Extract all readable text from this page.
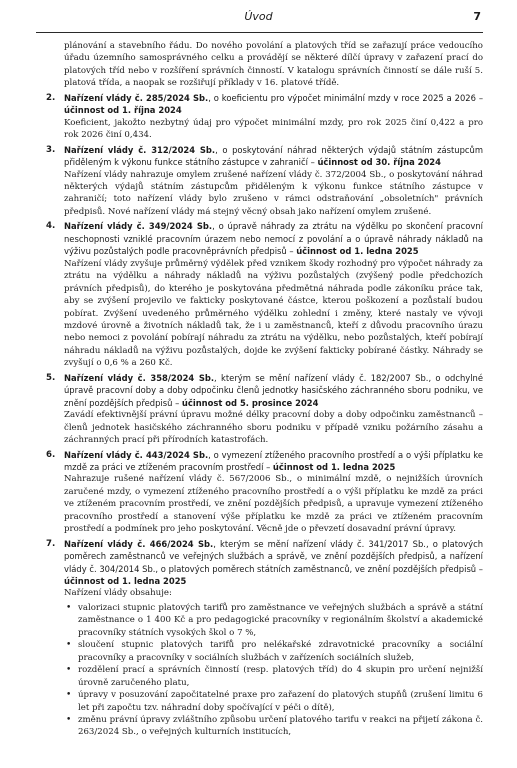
Úvod	7

plánování a stavebního řádu. Do nového povolání a platových tříd se zařazují práce vedoucího úřadu územního samosprávného celku a provádějí se některé dílčí úpravy v zařazení prací do platových tříd nebo v rozšíření správních činností. V katalogu správních činností se dále ruší 5. platová třída, a naopak se rozšiřují příklady v 16. platové třídě.

2. Nařízení vlády č. 285/2024 Sb., o koeficientu pro výpočet minimální mzdy v roce 2025 a 2026 – účinnost od 1. října 2024

Koeficient, jakožto nezbytný údaj pro výpočet minimální mzdy, pro rok 2025 činí 0,422 a pro rok 2026 činí 0,434.

3. Nařízení vlády č. 312/2024 Sb., o poskytování náhrad některých výdajů státním zástupcům přiděleným k výkonu funkce státního zástupce v zahraničí – účinnost od 30. října 2024

Nařízení vlády nahrazuje omylem zrušené nařízení vlády č. 372/2004 Sb., o poskytování náhrad některých výdajů státním zástupcům přiděleným k výkonu funkce státního zástupce v zahraničí; toto nařízení vlády bylo zrušeno v rámci odstraňování „obsoletních" právních předpisů. Nové nařízení vlády má stejný věcný obsah jako nařízení omylem zrušené.

4. Nařízení vlády č. 349/2024 Sb., o úpravě náhrady za ztrátu na výdělku po skončení pracovní neschopnosti vzniklé pracovním úrazem nebo nemocí z povolání a o úpravě náhrady nákladů na výživu pozůstalých podle pracovněprávních předpisů – účinnost od 1. ledna 2025

Nařízení vlády zvyšuje průměrný výdělek před vznikem škody rozhodný pro výpočet náhrady za ztrátu na výdělku a náhrady nákladů na výživu pozůstalých (zvýšený podle předchozích právních předpisů), do kterého je poskytována předmětná náhrada podle zákoníku práce tak, aby se zvýšení projevilo ve fakticky poskytované částce, kterou poškození a pozůstalí budou pobírat. Zvýšení uvedeného průměrného výdělku zohlední i změny, které nastaly ve vývoji mzdové úrovně a životních nákladů tak, že i u zaměstnanců, kteří z důvodu pracovního úrazu nebo nemoci z povolání pobírají náhradu za ztrátu na výdělku, nebo pozůstalých, kteří pobírají náhradu nákladů na výživu pozůstalých, dojde ke zvýšení fakticky pobírané částky. Náhrady se zvyšují o 0,6 % a 260 Kč.

5. Nařízení vlády č. 358/2024 Sb., kterým se mění nařízení vlády č. 182/2007 Sb., o odchylné úpravě pracovní doby a doby odpočinku členů jednotky hasičského záchranného sboru podniku, ve znění pozdějších předpisů – účinnost od 5. prosince 2024

Zavádí efektivnější právní úpravu možné délky pracovní doby a doby odpočinku zaměstnanců – členů jednotek hasičského záchranného sboru podniku v případě vzniku požárního zásahu a záchranných prací při přírodních katastrofách.

6. Nařízení vlády č. 443/2024 Sb., o vymezení ztíženého pracovního prostředí a o výši příplatku ke mzdě za práci ve ztíženém pracovním prostředí – účinnost od 1. ledna 2025

Nahrazuje rušené nařízení vlády č. 567/2006 Sb., o minimální mzdě, o nejnižších úrovních zaručené mzdy, o vymezení ztíženého pracovního prostředí a o výši příplatku ke mzdě za práci ve ztíženém pracovním prostředí, ve znění pozdějších předpisů, a upravuje vymezení ztíženého pracovního prostředí a stanovení výše příplatku ke mzdě za práci ve ztíženém pracovním prostředí a podmínek pro jeho poskytování. Věcně jde o převzetí dosavadní právní úpravy.

7. Nařízení vlády č. 466/2024 Sb., kterým se mění nařízení vlády č. 341/2017 Sb., o platových poměrech zaměstnanců ve veřejných službách a správě, ve znění pozdějších předpisů, a nařízení vlády č. 304/2014 Sb., o platových poměrech státních zaměstnanců, ve znění pozdějších předpisů – účinnost od 1. ledna 2025

Nařízení vlády obsahuje:

• valorizaci stupnic platových tarifů pro zaměstnance ve veřejných službách a správě a státní zaměstnance o 1 400 Kč a pro pedagogické pracovníky v regionálním školství a akademické pracovníky státních vysokých škol o 7 %,
• sloučení stupnic platových tarifů pro nelékařské zdravotnické pracovníky a sociální pracovníky a pracovníky v sociálních službách v zařízeních sociálních služeb,
• rozdělení prací a správních činností (resp. platových tříd) do 4 skupin pro určení nejnižší úrovně zaručeného platu,
• úpravy v posuzování započitatelné praxe pro zařazení do platových stupňů (zrušení limitu 6 let při započtu tzv. náhradní doby spočívající v péči o dítě),
• změnu právní úpravy zvláštního způsobu určení platového tarifu v reakci na přijetí zákona č. 263/2024 Sb., o veřejných kulturních institucích,
